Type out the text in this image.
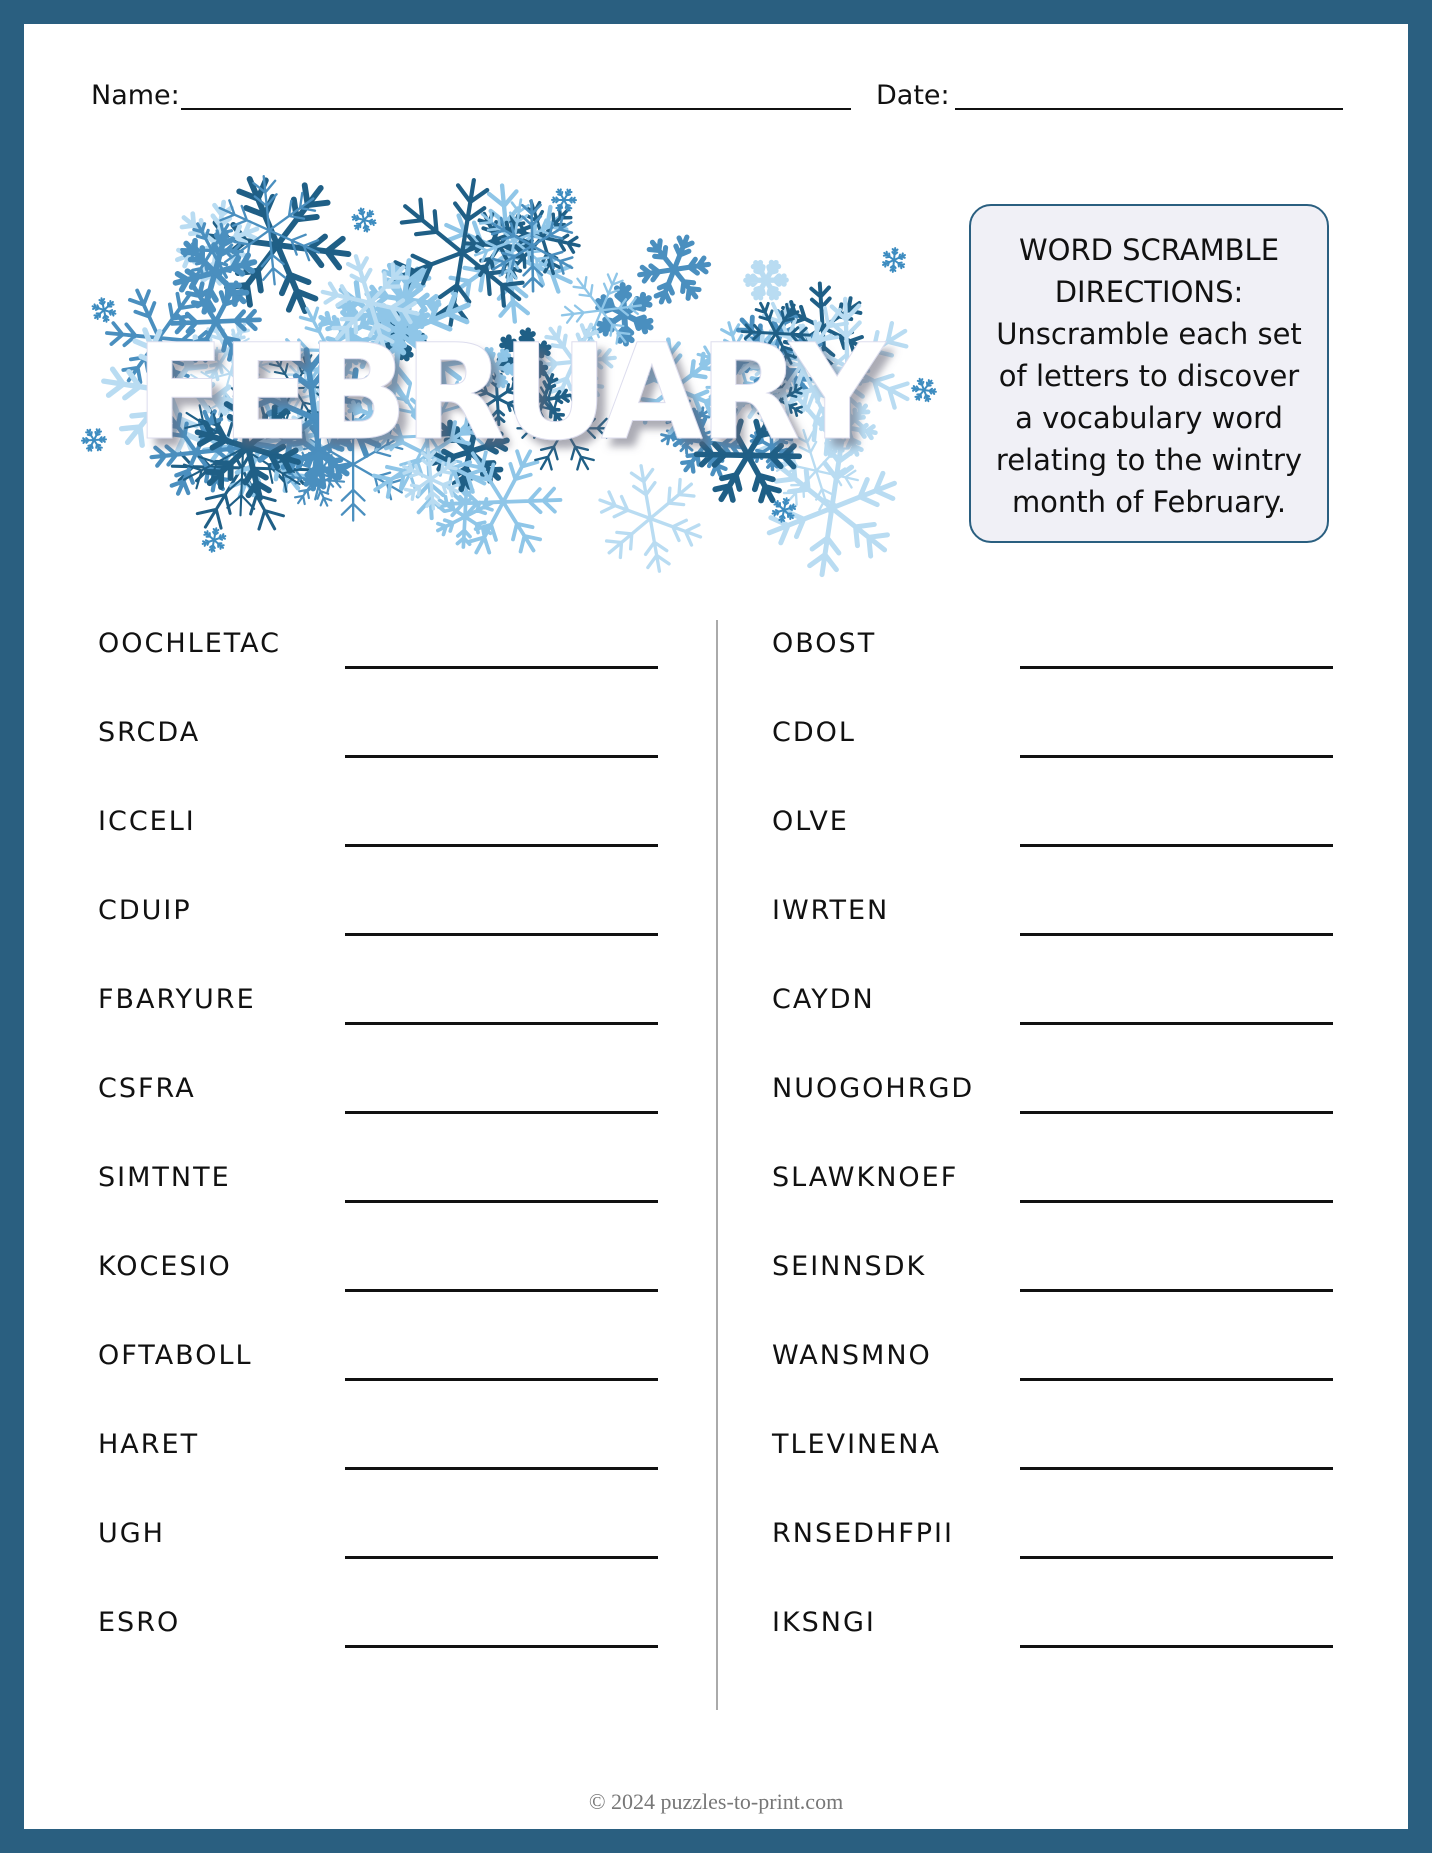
Name:	Date:
FEBRUARY
WORD SCRAMBLE
DIRECTIONS:
Unscramble each set
of letters to discover
a vocabulary word
relating to the wintry
month of February.
OOCHLETAC
SRCDA
ICCELI
CDUIP
FBARYURE
CSFRA
SIMTNTE
KOCESIO
OFTABOLL
HARET
UGH
ESRO
OBOST
CDOL
OLVE
IWRTEN
CAYDN
NUOGOHRGD
SLAWKNOEF
SEINNSDK
WANSMNO
TLEVINENA
RNSEDHFPII
IKSNGI
© 2024 puzzles-to-print.com
